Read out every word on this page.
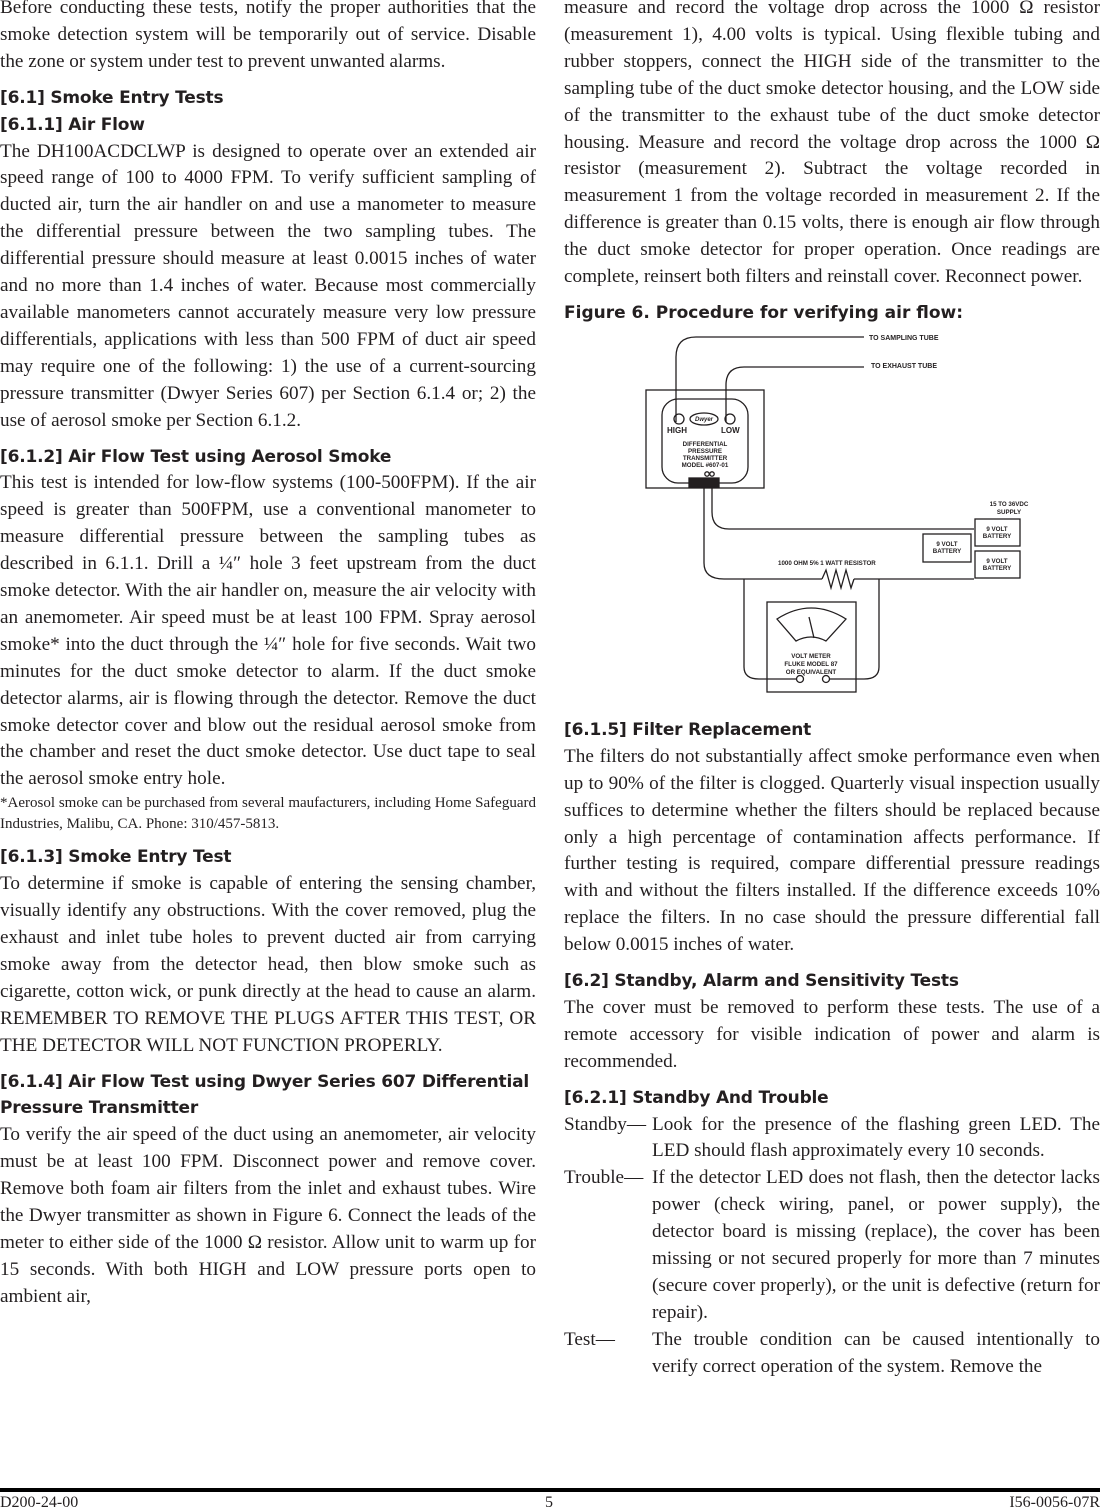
Before conducting these tests, notify the proper authorities that the smoke detection system will be temporarily out of service. Disable the zone or system under test to prevent unwanted alarms.

[6.1] Smoke Entry Tests
[6.1.1] Air Flow

The DH100ACDCLWP is designed to operate over an extended air speed range of 100 to 4000 FPM. To verify sufficient sampling of ducted air, turn the air handler on and use a manometer to measure the differential pressure between the two sampling tubes. The differential pressure should measure at least 0.0015 inches of water and no more than 1.4 inches of water. Because most commercially available manometers cannot accurately measure very low pressure differentials, applications with less than 500 FPM of duct air speed may require one of the following: 1) the use of a current-sourcing pressure transmitter (Dwyer Series 607) per Section 6.1.4 or; 2) the use of aerosol smoke per Section 6.1.2.

[6.1.2] Air Flow Test using Aerosol Smoke

This test is intended for low-flow systems (100-500FPM). If the air speed is greater than 500FPM, use a conventional manometer to measure differential pressure between the sampling tubes as described in 6.1.1. Drill a ¼″ hole 3 feet upstream from the duct smoke detector. With the air handler on, measure the air velocity with an anemometer. Air speed must be at least 100 FPM. Spray aerosol smoke* into the duct through the ¼″ hole for five seconds. Wait two minutes for the duct smoke detector to alarm. If the duct smoke detector alarms, air is flowing through the detector. Remove the duct smoke detector cover and blow out the residual aerosol smoke from the chamber and reset the duct smoke detector. Use duct tape to seal the aerosol smoke entry hole.

*Aerosol smoke can be purchased from several maufacturers, including Home Safeguard Industries, Malibu, CA. Phone: 310/457-5813.

[6.1.3] Smoke Entry Test

To determine if smoke is capable of entering the sensing chamber, visually identify any obstructions. With the cover removed, plug the exhaust and inlet tube holes to prevent ducted air from carrying smoke away from the detector head, then blow smoke such as cigarette, cotton wick, or punk directly at the head to cause an alarm. REMEMBER TO REMOVE THE PLUGS AFTER THIS TEST, OR THE DETECTOR WILL NOT FUNCTION PROPERLY.

[6.1.4] Air Flow Test using Dwyer Series 607 Differential Pressure Transmitter

To verify the air speed of the duct using an anemometer, air velocity must be at least 100 FPM. Disconnect power and remove cover. Remove both foam air filters from the inlet and exhaust tubes. Wire the Dwyer transmitter as shown in Figure 6. Connect the leads of the meter to either side of the 1000 Ω resistor. Allow unit to warm up for 15 seconds. With both HIGH and LOW pressure ports open to ambient air,

measure and record the voltage drop across the 1000 Ω resistor (measurement 1), 4.00 volts is typical. Using flexible tubing and rubber stoppers, connect the HIGH side of the transmitter to the sampling tube of the duct smoke detector housing, and the LOW side of the transmitter to the exhaust tube of the duct smoke detector housing. Measure and record the voltage drop across the 1000 Ω resistor (measurement 2). Subtract the voltage recorded in measurement 1 from the voltage recorded in measurement 2. If the difference is greater than 0.15 volts, there is enough air flow through the duct smoke detector for proper operation. Once readings are complete, reinsert both filters and reinstall cover. Reconnect power.

Figure 6. Procedure for verifying air flow:
TO SAMPLING TUBE
TO EXHAUST TUBE
Dwyer
HIGH	LOW
DIFFERENTIAL
PRESSURE
TRANSMITTER
MODEL #607-01
1000 OHM 5% 1 WATT RESISTOR
15 TO 36VDC
SUPPLY
9 VOLT
BATTERY
9 VOLT
BATTERY
9 VOLT
BATTERY
VOLT METER
FLUKE MODEL 87
OR EQUIVALENT
[6.1.5] Filter Replacement

The filters do not substantially affect smoke performance even when up to 90% of the filter is clogged. Quarterly visual inspection usually suffices to determine whether the filters should be replaced because only a high percentage of contamination affects performance. If further testing is required, compare differential pressure readings with and without the filters installed. If the difference exceeds 10% replace the filters. In no case should the pressure differential fall below 0.0015 inches of water.

[6.2] Standby, Alarm and Sensitivity Tests

The cover must be removed to perform these tests. The use of a remote accessory for visible indication of power and alarm is recommended.

[6.2.1] Standby And Trouble
Standby— Look for the presence of the flashing green LED. The LED should flash approximately every 10 seconds.
Trouble— If the detector LED does not flash, then the detector lacks power (check wiring, panel, or power supply), the detector board is missing (replace), the cover has been missing or not secured properly for more than 7 minutes (secure cover properly), or the unit is defective (return for repair).
Test—	The trouble condition can be caused intentionally to verify correct operation of the system. Remove the
D200-24-00	5	I56-0056-07R
